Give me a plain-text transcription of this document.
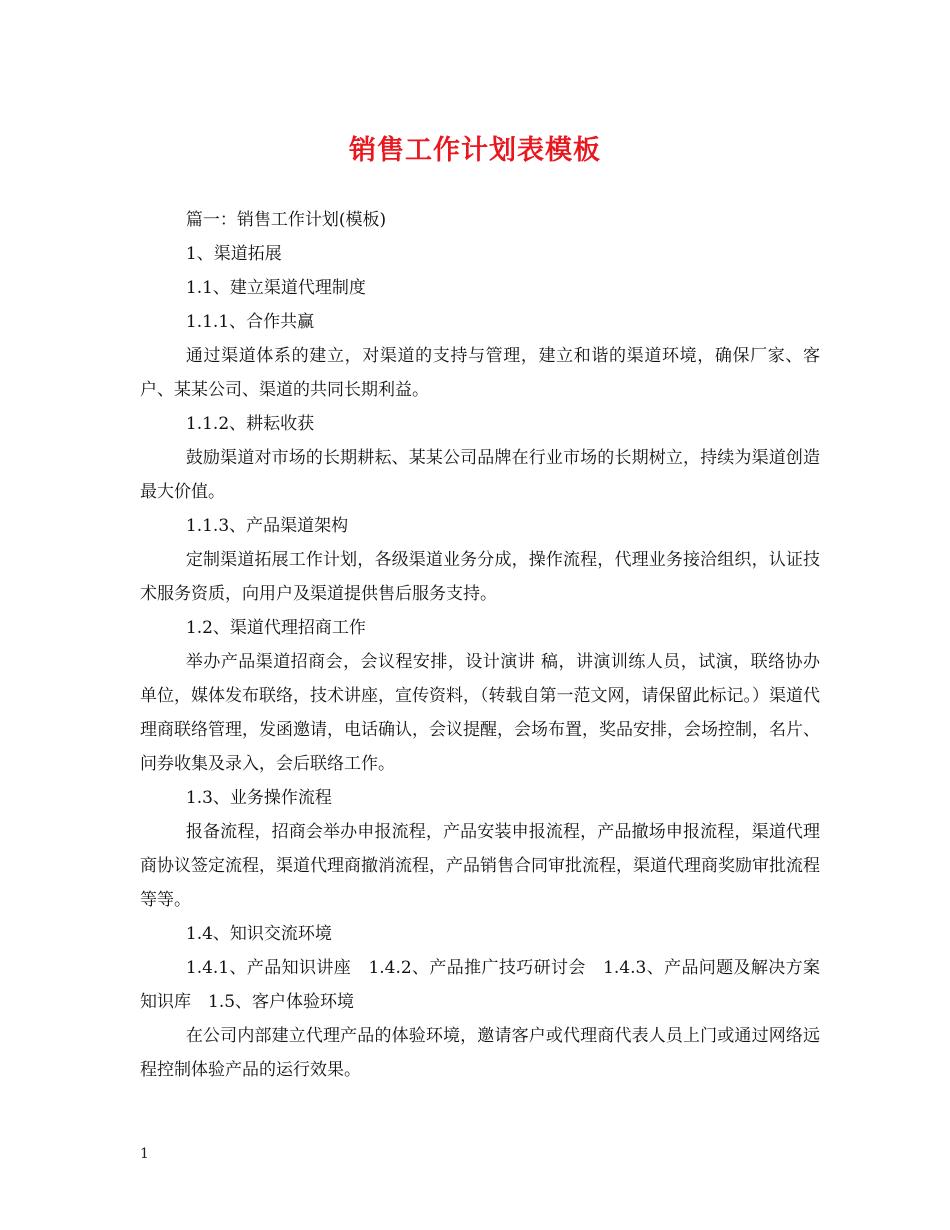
销售工作计划表模板

篇一：销售工作计划(模板)

1、渠道拓展

1.1、建立渠道代理制度

1.1.1、合作共赢

通过渠道体系的建立，对渠道的支持与管理，建立和谐的渠道环境，确保厂家、客户、某某公司、渠道的共同长期利益。

1.1.2、耕耘收获

鼓励渠道对市场的长期耕耘、某某公司品牌在行业市场的长期树立，持续为渠道创造最大价值。

1.1.3、产品渠道架构

定制渠道拓展工作计划，各级渠道业务分成，操作流程，代理业务接洽组织，认证技术服务资质，向用户及渠道提供售后服务支持。

1.2、渠道代理招商工作

举办产品渠道招商会，会议程安排，设计演讲 稿，讲演训练人员，试演，联络协办单位，媒体发布联络，技术讲座，宣传资料，（转载自第一范文网，请保留此标记。）渠道代理商联络管理，发函邀请，电话确认，会议提醒，会场布置，奖品安排，会场控制，名片、问券收集及录入，会后联络工作。

1.3、业务操作流程

报备流程，招商会举办申报流程，产品安装申报流程，产品撤场申报流程，渠道代理商协议签定流程，渠道代理商撤消流程，产品销售合同审批流程，渠道代理商奖励审批流程等等。

1.4、知识交流环境

1.4.1、产品知识讲座　1.4.2、产品推广技巧研讨会　1.4.3、产品问题及解决方案知识库　1.5、客户体验环境

在公司内部建立代理产品的体验环境，邀请客户或代理商代表人员上门或通过网络远程控制体验产品的运行效果。

1
